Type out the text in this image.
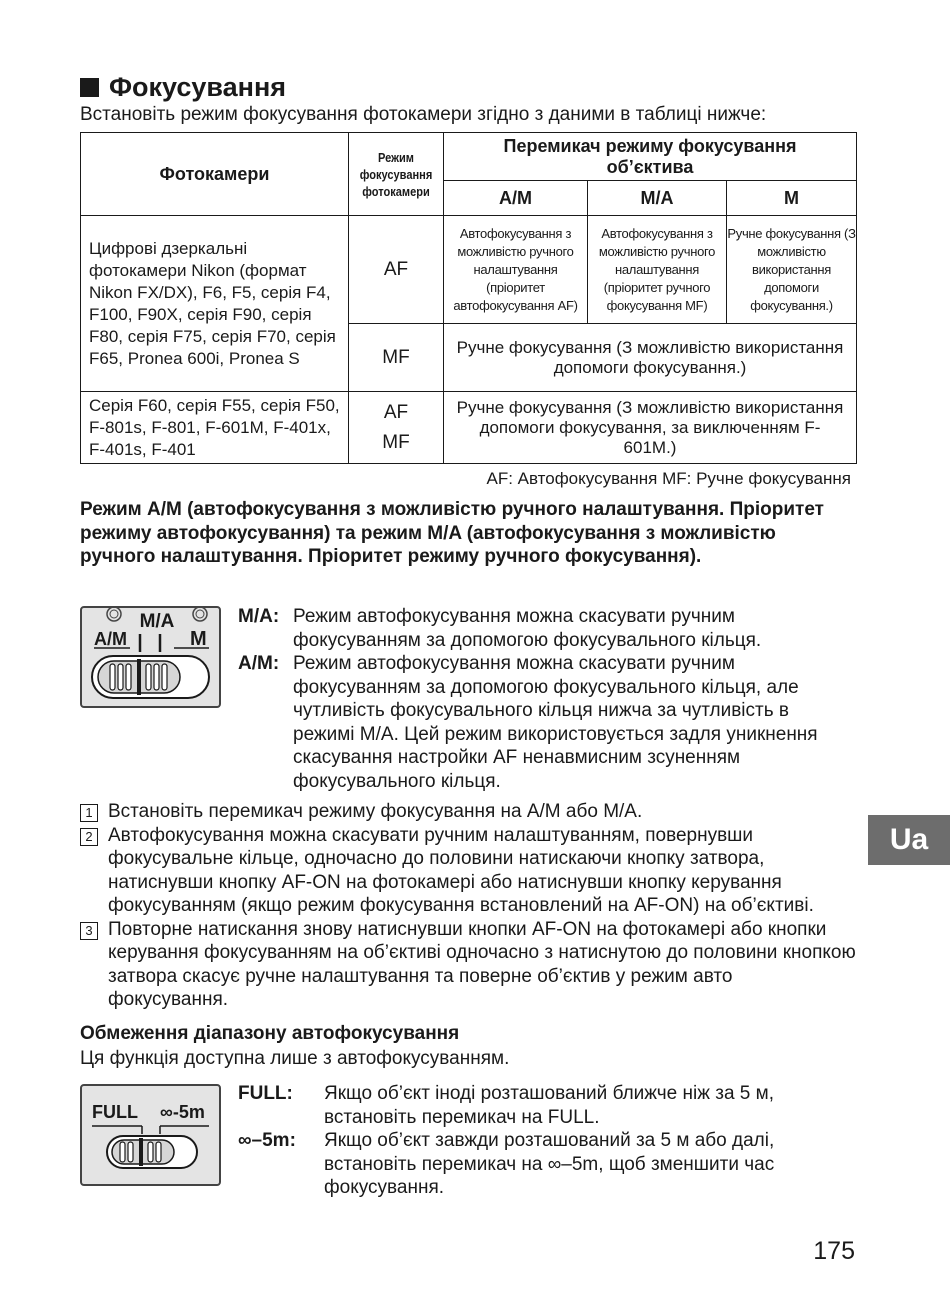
Фокусування
Встановіть режим фокусування фотокамери згідно з даними в таблиці нижче:
Фотокамери	Режим фокусування фотокамери	Перемикач режиму фокусування об’єктива		

		A/M	M/A	M
Цифрові дзеркальні фотокамери Nikon (формат Nikon FX/DX), F6, F5, серія F4, F100, F90X, серія F90, серія F80, серія F75, серія F70, серія F65, Pronea 600i, Pronea S	AF	Автофокусування з можливістю ручного налаштування (пріоритет автофокусування AF)	Автофокусування з можливістю ручного налаштування (пріоритет ручного фокусування MF)	Ручне фокусування (З можливістю використання допомоги фокусування.)
	MF	Ручне фокусування (З можливістю використання допомоги фокусування.)		

Серія F60, серія F55, серія F50, F-801s, F-801, F-601M, F-401x, F-401s, F-401	AF
MF	Ручне фокусування (З можливістю використання допомоги фокусування, за виключенням F-601M.)		
AF: Автофокусування MF: Ручне фокусування
Режим A/M (автофокусування з можливістю ручного налаштування. Пріоритет режиму автофокусування) та режим M/A (автофокусування з можливістю ручного налаштування. Пріоритет режиму ручного фокусування).
M/A
A/M	M
M/A: Режим автофокусування можна скасувати ручним фокусуванням за допомогою фокусувального кільця.
A/M: Режим автофокусування можна скасувати ручним фокусуванням за допомогою фокусувального кільця, але чутливість фокусувального кільця нижча за чутливість в режимі M/A. Цей режим використовується задля уникнення скасування настройки AF ненавмисним зсуненням фокусувального кільця.
1 Встановіть перемикач режиму фокусування на A/M або M/A.
2 Автофокусування можна скасувати ручним налаштуванням, повернувши фокусувальне кільце, одночасно до половини натискаючи кнопку затвора, натиснувши кнопку AF-ON на фотокамері або натиснувши кнопку керування фокусуванням (якщо режим фокусування встановлений на AF-ON) на об’єктиві.
3 Повторне натискання знову натиснувши кнопки AF-ON на фотокамері або кнопки керування фокусуванням на об’єктиві одночасно з натиснутою до половини кнопкою затвора скасує ручне налаштування та поверне об’єктив у режим авто фокусування.
Обмеження діапазону автофокусування
Ця функція доступна лише з автофокусуванням.
FULL ∞-5m
FULL:	Якщо об’єкт іноді розташований ближче ніж за 5 м, встановіть перемикач на FULL.
∞–5m:	Якщо об’єкт завжди розташований за 5 м або далі, встановіть перемикач на ∞–5m, щоб зменшити час фокусування.
Ua
175
